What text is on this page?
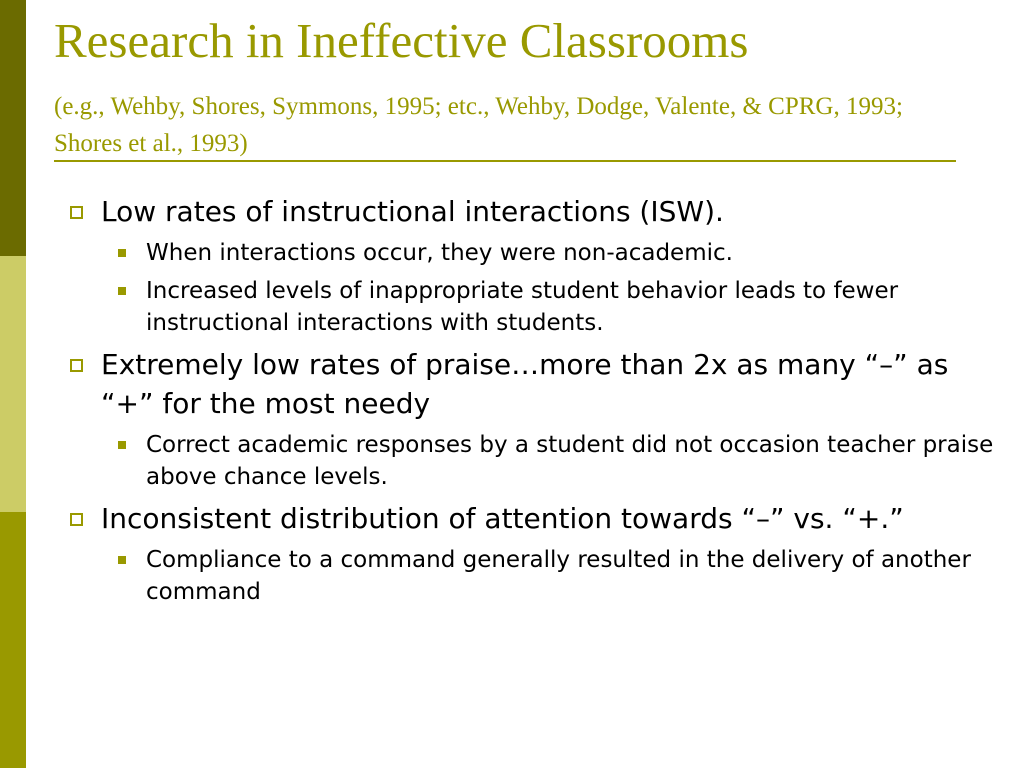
Research in Ineffective Classrooms

(e.g., Wehby, Shores, Symmons, 1995; etc., Wehby, Dodge, Valente, & CPRG, 1993; Shores et al., 1993)

Low rates of instructional interactions (ISW).
When interactions occur, they were non-academic.
Increased levels of inappropriate student behavior leads to fewer instructional interactions with students.
Extremely low rates of praise…more than 2x as many “–” as “+” for the most needy
Correct academic responses by a student did not occasion teacher praise above chance levels.
Inconsistent distribution of attention towards “–” vs. “+.”
Compliance to a command generally resulted in the delivery of another command
